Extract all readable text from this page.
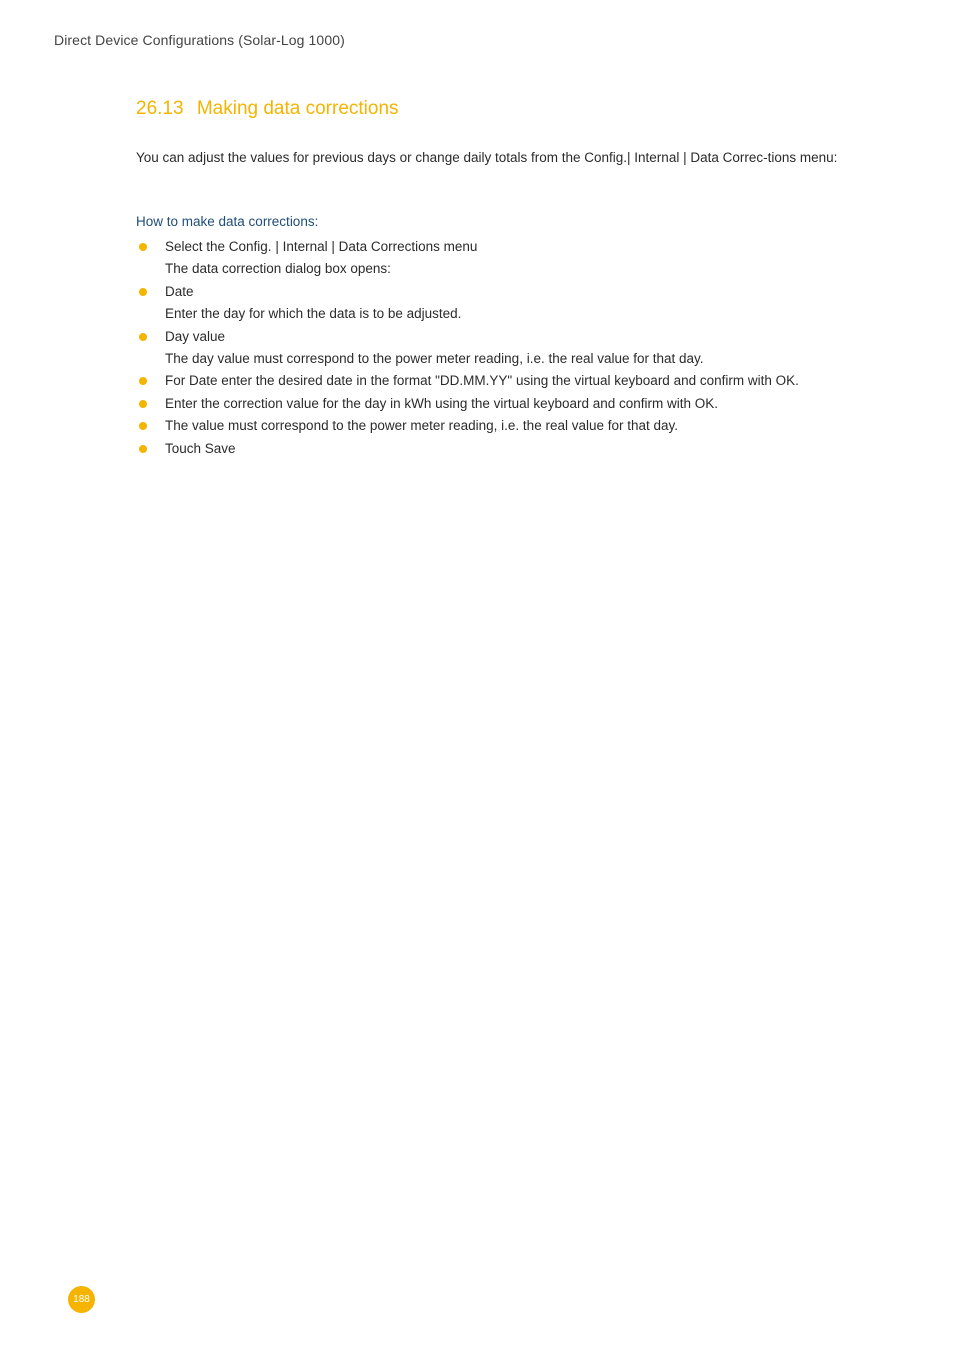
Direct Device Configurations (Solar-Log 1000)
26.13 Making data corrections

You can adjust the values for previous days or change daily totals from the Config.| Internal | Data Correc-tions menu:

How to make data corrections:

Select the Config. | Internal | Data Corrections menu
The data correction dialog box opens:
Date
Enter the day for which the data is to be adjusted.
Day value
The day value must correspond to the power meter reading, i.e. the real value for that day.
For Date enter the desired date in the format "DD.MM.YY" using the virtual keyboard and confirm with OK.
Enter the correction value for the day in kWh using the virtual keyboard and confirm with OK.
The value must correspond to the power meter reading, i.e. the real value for that day.
Touch Save
188
